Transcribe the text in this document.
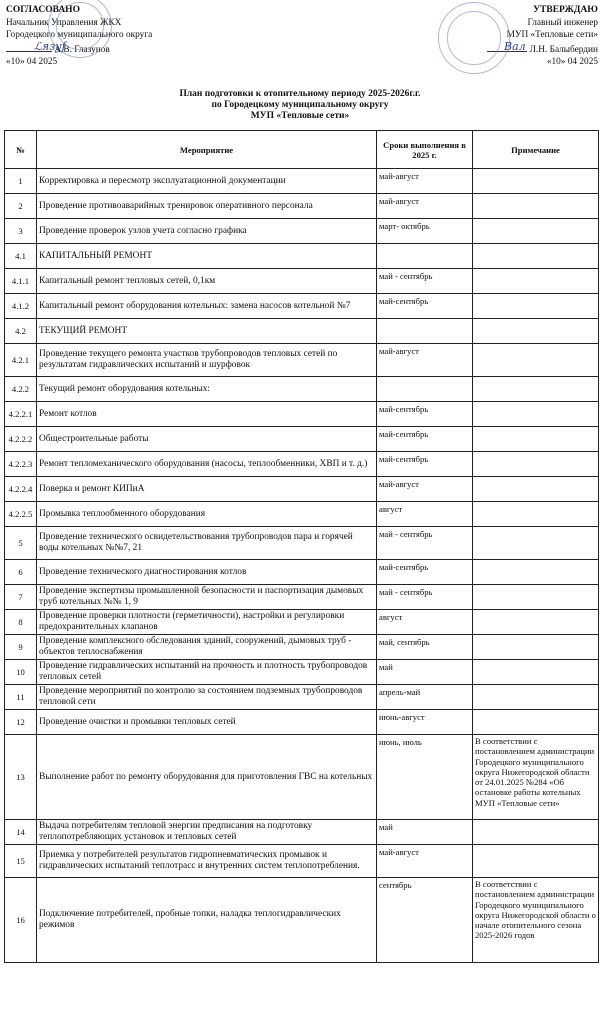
СОГЛАСОВАНО
Начальник Управления ЖКХ
Городецкого муниципального округа
А.В. Глазунов
«10» 04 2025
ℒязуf
УТВЕРЖДАЮ
Главный инженер
МУП «Тепловые сети»
Л.Н. Балыбердин
«10» 04 2025
Вал
План подготовки к отопительному периоду 2025-2026г.г.
по Городецкому муниципальному округу
МУП «Тепловые сети»
№	Мероприятие	Сроки выполнения в 2025 г.	Примечание
1	Корректировка и пересмотр эксплуатационной документации	май-август	
2	Проведение противоаварийных тренировок оперативного персонала	май-август	
3	Проведение проверок узлов учета согласно графика	март- октябрь	
4.1	КАПИТАЛЬНЫЙ РЕМОНТ		
4.1.1	Капитальный ремонт тепловых сетей, 0,1км	май - сентябрь	
4.1.2	Капитальный ремонт оборудования котельных: замена насосов котельной №7	май-сентябрь	
4.2	ТЕКУЩИЙ РЕМОНТ		
4.2.1	Проведение текущего ремонта участков трубопроводов тепловых сетей по результатам гидравлических испытаний и шурфовок	май-август	
4.2.2	Текущий ремонт оборудования котельных:		
4.2.2.1	Ремонт котлов	май-сентябрь	
4.2.2.2	Общестроительные работы	май-сентябрь	
4.2.2.3	Ремонт тепломеханического оборудования (насосы, теплообменники, ХВП и т. д.)	май-сентябрь	
4.2.2.4	Поверка и ремонт КИПиА	май-август	
4.2.2.5	Промывка теплообменного оборудования	август	
5	Проведение технического освидетельствования трубопроводов пара и горячей воды котельных №№7, 21	май - сентябрь	
6	Проведение технического диагностирования котлов	май-сентябрь	
7	Проведение экспертизы промышленной безопасности и паспортизация дымовых труб котельных №№ 1, 9	май - сентябрь	
8	Проведение проверки плотности (герметичности), настройки и регулировки предохранительных клапанов	август	
9	Проведение комплексного обследования зданий, сооружений, дымовых труб - объектов теплоснабжения	май, сентябрь	
10	Проведение гидравлических испытаний на прочность и плотность трубопроводов тепловых сетей	май	
11	Проведение мероприятий по контролю за состоянием подземных трубопроводов тепловой сети	апрель-май	
12	Проведение очистки и промывки тепловых сетей	июнь-август	
13	Выполнение работ по ремонту оборудования для приготовления ГВС на котельных	июнь, июль	В соответствии с постановлением администрации Городецкого муниципального округа Нижегородской области от 24.01.2025 №284 «Об остановке работы котельных МУП «Тепловые сети»
14	Выдача потребителям тепловой энергии предписания на подготовку теплопотребляющих установок и тепловых сетей	май	
15	Приемка у потребителей результатов гидропневматических промывок и гидравлических испытаний теплотрасс и внутренних систем теплопотребления.	май-август	
16	Подключение потребителей, пробные топки, наладка теплогидравлических режимов	сентябрь	В соответствии с постановлением администрации Городецкого муниципального округа Нижегородской области о начале отопительного сезона 2025-2026 годов
